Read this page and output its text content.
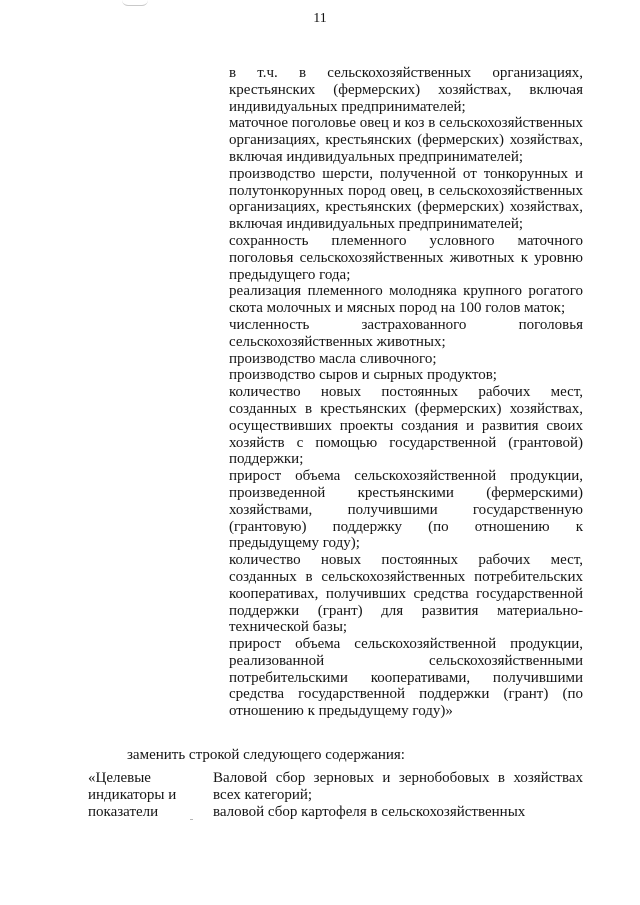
11

в т.ч. в сельскохозяйственных организациях, крестьянских (фермерских) хозяйствах, включая индивидуальных предпринимателей;

маточное поголовье овец и коз в сельскохозяйственных организациях, крестьянских (фермерских) хозяйствах, включая индивидуальных предпринимателей;

производство шерсти, полученной от тонкорунных и полутонкорунных пород овец, в сельскохозяйственных организациях, крестьянских (фермерских) хозяйствах, включая индивидуальных предпринимателей;

сохранность племенного условного маточного поголовья сельскохозяйственных животных к уровню предыдущего года;

реализация племенного молодняка крупного рогатого скота молочных и мясных пород на 100 голов маток;

численность застрахованного поголовья сельскохозяйственных животных;

производство масла сливочного;

производство сыров и сырных продуктов;

количество новых постоянных рабочих мест, созданных в крестьянских (фермерских) хозяйствах, осуществивших проекты создания и развития своих хозяйств с помощью государственной (грантовой) поддержки;

прирост объема сельскохозяйственной продукции, произведенной крестьянскими (фермерскими) хозяйствами, получившими государственную (грантовую) поддержку (по отношению к предыдущему году);

количество новых постоянных рабочих мест, созданных в сельскохозяйственных потребительских кооперативах, получивших средства государственной поддержки (грант) для развития материально-технической базы;

прирост объема сельскохозяйственной продукции, реализованной сельскохозяйственными потребительскими кооперативами, получившими средства государственной поддержки (грант) (по отношению к предыдущему году)»

заменить строкой следующего содержания:

«Целевые
индикаторы и
показатели

Валовой сбор зерновых и зернобобовых в хозяйствах всех категорий;

валовой сбор картофеля в сельскохозяйственных
